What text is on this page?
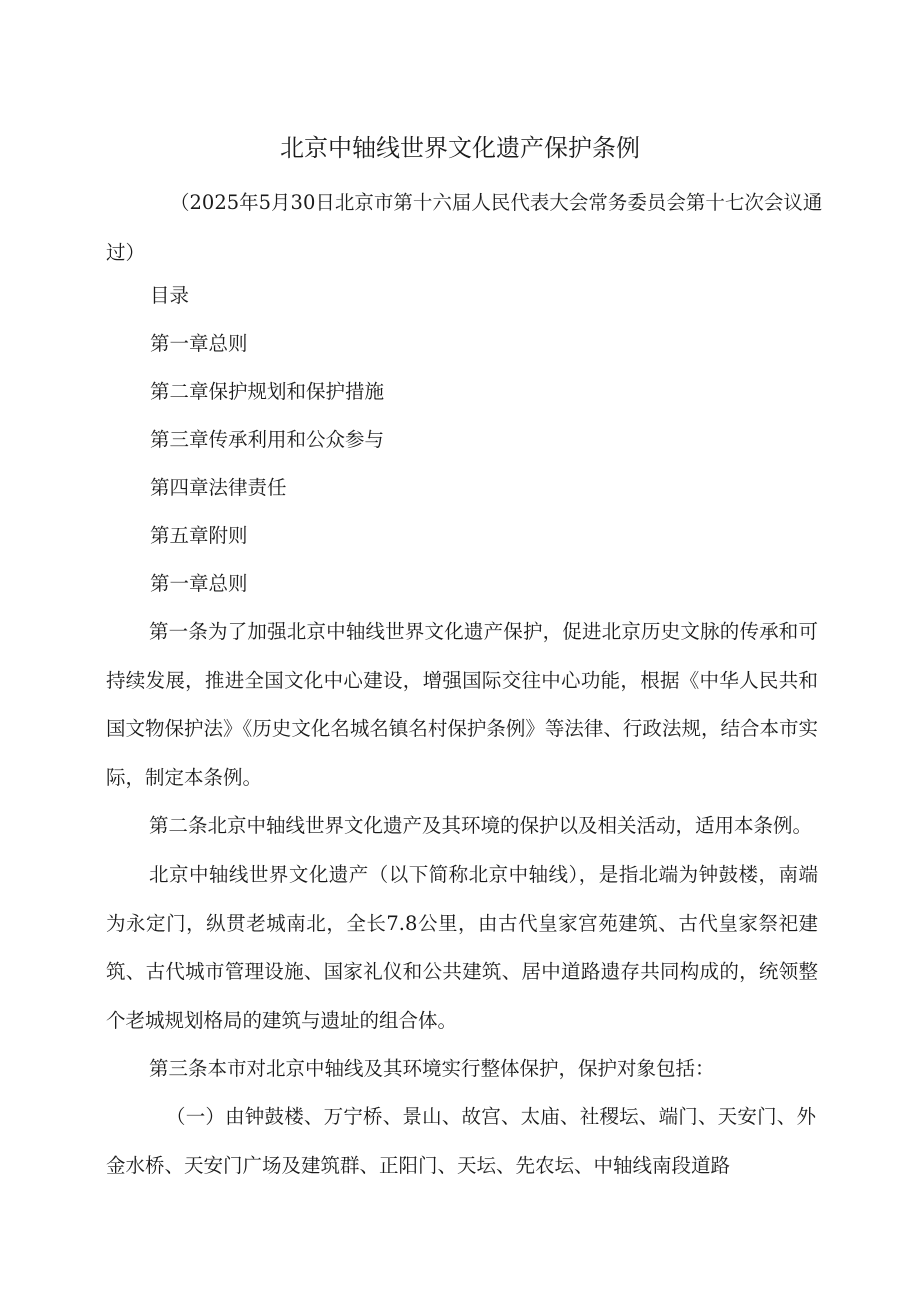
北京中轴线世界文化遗产保护条例
（2025年5月30日北京市第十六届人民代表大会常务委员会第十七次会议通过）
目录
第一章总则
第二章保护规划和保护措施
第三章传承利用和公众参与
第四章法律责任
第五章附则
第一章总则
第一条为了加强北京中轴线世界文化遗产保护，促进北京历史文脉的传承和可持续发展，推进全国文化中心建设，增强国际交往中心功能，根据《中华人民共和国文物保护法》《历史文化名城名镇名村保护条例》等法律、行政法规，结合本市实际，制定本条例。
第二条北京中轴线世界文化遗产及其环境的保护以及相关活动，适用本条例。
北京中轴线世界文化遗产（以下简称北京中轴线），是指北端为钟鼓楼，南端为永定门，纵贯老城南北，全长7.8公里，由古代皇家宫苑建筑、古代皇家祭祀建筑、古代城市管理设施、国家礼仪和公共建筑、居中道路遗存共同构成的，统领整个老城规划格局的建筑与遗址的组合体。
第三条本市对北京中轴线及其环境实行整体保护，保护对象包括：
（一）由钟鼓楼、万宁桥、景山、故宫、太庙、社稷坛、端门、天安门、外金水桥、天安门广场及建筑群、正阳门、天坛、先农坛、中轴线南段道路
